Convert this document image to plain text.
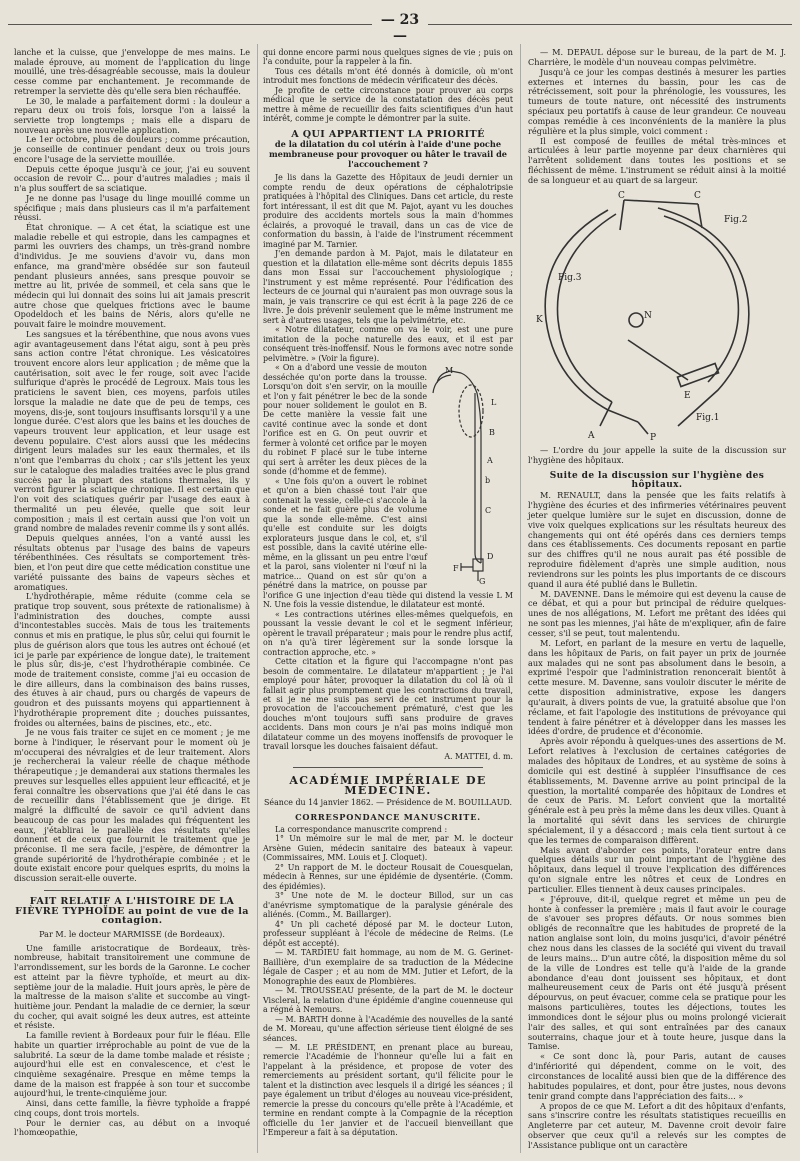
— 23 —

lanche et la cuisse, que j'enveloppe de mes mains. Le malade éprouve, au moment de l'application du linge mouillé, une très-désagréable secousse, mais la douleur cesse comme par enchantement. Je recommande de retremper la serviette dès qu'elle sera bien réchauffée.

Le 30, le malade a parfaitement dormi : la douleur a reparu deux ou trois fois, lorsque l'on a laissé la serviette trop longtemps ; mais elle a disparu de nouveau après une nouvelle application.

Le 1er octobre, plus de douleurs ; comme précaution, je conseille de continuer pendant deux ou trois jours encore l'usage de la serviette mouillée.

Depuis cette époque jusqu'à ce jour, j'ai eu souvent occasion de revoir C... pour d'autres maladies ; mais il n'a plus souffert de sa sciatique.

Je ne donne pas l'usage du linge mouillé comme un spécifique ; mais dans plusieurs cas il m'a parfaitement réussi.

État chronique. — A cet état, la sciatique est une maladie rebelle et qui estropie, dans les campagnes et parmi les ouvriers des champs, un très-grand nombre d'individus. Je me souviens d'avoir vu, dans mon enfance, ma grand'mère obsédée sur son fauteuil pendant plusieurs années, sans presque pouvoir se mettre au lit, privée de sommeil, et cela sans que le médecin qui lui donnait des soins lui ait jamais prescrit autre chose que quelques frictions avec le baume Opodeldoch et les bains de Néris, alors qu'elle ne pouvait faire le moindre mouvement.

Les sangsues et la térébenthine, que nous avons vues agir avantageusement dans l'état aigu, sont à peu près sans action contre l'état chronique. Les vésicatoires trouvent encore alors leur application ; de même que la cautérisation, soit avec le fer rouge, soit avec l'acide sulfurique d'après le procédé de Legroux. Mais tous les praticiens le savent bien, ces moyens, parfois utiles lorsque la maladie ne date que de peu de temps, ces moyens, dis-je, sont toujours insuffisants lorsqu'il y a une longue durée. C'est alors que les bains et les douches de vapeurs trouvent leur application, et leur usage est devenu populaire. C'est alors aussi que les médecins dirigent leurs malades sur les eaux thermales, et ils n'ont que l'embarras du choix ; car s'ils jettent les yeux sur le catalogue des maladies traitées avec le plus grand succès par la plupart des stations thermales, ils y verront figurer la sciatique chronique. Il est certain que l'on voit des sciatiques guérir par l'usage des eaux à thermalité un peu élevée, quelle que soit leur composition ; mais il est certain aussi que l'on voit un grand nombre de malades revenir comme ils y sont allés.

Depuis quelques années, l'on a vanté aussi les résultats obtenus par l'usage des bains de vapeurs térébenthinées. Ces résultats se comportement très-bien, et l'on peut dire que cette médication constitue une variété puissante des bains de vapeurs sèches et aromatiques.

L'hydrothérapie, même réduite (comme cela se pratique trop souvent, sous prétexte de rationalisme) à l'administration des douches, compte aussi d'incontestables succès. Mais de tous les traitements connus et mis en pratique, le plus sûr, celui qui fournit le plus de guérison alors que tous les autres ont échoué (et ici je parle par expérience de longue date), le traitement le plus sûr, dis-je, c'est l'hydrothérapie combinée. Ce mode de traitement consiste, comme j'ai eu occasion de le dire ailleurs, dans la combinaison des bains russes, des étuves à air chaud, purs ou chargés de vapeurs de goudron et des puissants moyens qui appartiennent à l'hydrothérapie proprement dite ; douches puissantes, froides ou alternées, bains de piscines, etc., etc.

Je ne vous fais traiter ce sujet en ce moment ; je me borne à l'indiquer, le réservant pour le moment où je m'occuperai des névralgies et de leur traitement. Alors je rechercherai la valeur réelle de chaque méthode thérapeutique ; je demanderai aux stations thermales les preuves sur lesquelles elles appuient leur efficacité, et je ferai connaître les observations que j'ai été dans le cas de recueillir dans l'établissement que je dirige. Et malgré la difficulté de savoir ce qu'il advient dans beaucoup de cas pour les malades qui fréquentent les eaux, j'établirai le parallèle des résultats qu'elles donnent et de ceux que fournit le traitement que je préconise. Il me sera facile, j'espère, de démontrer la grande supériorité de l'hydrothérapie combinée ; et le doute existait encore pour quelques esprits, du moins la discussion serait-elle ouverte.

FAIT RELATIF A L'HISTOIRE DE LA FIÈVRE TYPHOÏDE au point de vue de la contagion.

Par M. le docteur MARMISSE (de Bordeaux).

Une famille aristocratique de Bordeaux, très-nombreuse, habitait transitoirement une commune de l'arrondissement, sur les bords de la Garonne. Le cocher est atteint par la fièvre typhoïde, et meurt au dix-septième jour de la maladie. Huit jours après, le père de la maîtresse de la maison s'alite et succombe au vingt-huitième jour. Pendant la maladie de ce dernier, la sœur du cocher, qui avait soigné les deux autres, est atteinte et résiste.

La famille revient à Bordeaux pour fuir le fléau. Elle habite un quartier irréprochable au point de vue de la salubrité. La sœur de la dame tombe malade et résiste ; aujourd'hui elle est en convalescence, et c'est le cinquième sexagénaire. Presque en même temps la dame de la maison est frappée à son tour et succombe aujourd'hui, le trente-cinquième jour.

Ainsi, dans cette famille, la fièvre typhoïde a frappé cinq coups, dont trois mortels.

Pour le dernier cas, au début on a invoqué l'homœopathie,

qui donne encore parmi nous quelques signes de vie ; puis on l'a conduite, pour la rappeler à la fin.

Tous ces détails m'ont été donnés à domicile, où m'ont introduit mes fonctions de médecin vérificateur des décès.

Je profite de cette circonstance pour prouver au corps médical que le service de la constatation des décès peut mettre à même de recueillir des faits scientifiques d'un haut intérêt, comme je compte le démontrer par la suite.

A QUI APPARTIENT LA PRIORITÉ

de la dilatation du col utérin à l'aide d'une poche membraneuse pour provoquer ou hâter le travail de l'accouchement ?

Je lis dans la Gazette des Hôpitaux de jeudi dernier un compte rendu de deux opérations de céphalotripsie pratiquées à l'hôpital des Cliniques. Dans cet article, du reste fort intéressant, il est dit que M. Pajot, ayant vu les douches produire des accidents mortels sous la main d'hommes éclairés, a provoqué le travail, dans un cas de vice de conformation du bassin, à l'aide de l'instrument récemment imaginé par M. Tarnier.

J'en demande pardon à M. Pajot, mais le dilatateur en question et la dilatation elle-même sont décrits depuis 1855 dans mon Essai sur l'accouchement physiologique ; l'instrument y est même représenté. Pour l'édification des lecteurs de ce journal qui n'auraient pas mon ouvrage sous la main, je vais transcrire ce qui est écrit à la page 226 de ce livre. Je dois prévenir seulement que le même instrument me sert à d'autres usages, tels que la pelvimétrie, etc.

« Notre dilatateur, comme on va le voir, est une pure imitation de la poche naturelle des eaux, et il est par conséquent très-inoffensif. Nous le formons avec notre sonde pelvimètre. » (Voir la figure).

M
L
B
A
b
C
D
F
G

« On a d'abord une vessie de mouton desséchée qu'on porte dans la trousse. Lorsqu'on doit s'en servir, on la mouille et l'on y fait pénétrer le bec de la sonde pour nouer solidement le goulot en B. De cette manière la vessie fait une cavité continue avec la sonde et dont l'orifice est en G. On peut ouvrir et fermer à volonté cet orifice par le moyen du robinet F placé sur le tube interne qui sert à arrêter les deux pièces de la sonde (d'homme et de femme).

« Une fois qu'on a ouvert le robinet et qu'on a bien chassé tout l'air que contenait la vessie, celle-ci s'accole à la sonde et ne fait guère plus de volume que la sonde elle-même. C'est ainsi qu'elle est conduite sur les doigts explorateurs jusque dans le col, et, s'il est possible, dans la cavité utérine elle-même, en la glissant un peu entre l'œuf et la paroi, sans violenter ni l'œuf ni la matrice... Quand on est sûr qu'on a pénétré dans la matrice, on pousse par l'orifice G une injection d'eau tiède qui distend la vessie L M N. Une fois la vessie distendue, le dilatateur est monté.

« Les contractions utérines elles-mêmes quelquefois, en poussant la vessie devant le col et le segment inférieur, opèrent le travail préparateur ; mais pour le rendre plus actif, on n'a qu'à tirer légèrement sur la sonde lorsque la contraction approche, etc. »

Cette citation et la figure qui l'accompagne n'ont pas besoin de commentaire. Le dilatateur m'appartient ; je l'ai employé pour hâter, provoquer la dilatation du col là où il fallait agir plus promptement que les contractions du travail, et si je ne me suis pas servi de cet instrument pour la provocation de l'accouchement prématuré, c'est que les douches m'ont toujours suffi sans produire de graves accidents. Dans mon cours je n'ai pas moins indiqué mon dilatateur comme un des moyens inoffensifs de provoquer le travail lorsque les douches faisaient défaut.

A. MATTEI, d. m.

ACADÉMIE IMPÉRIALE DE MÉDECINE.

Séance du 14 janvier 1862. — Présidence de M. BOUILLAUD.

CORRESPONDANCE MANUSCRITE.

La correspondance manuscrite comprend :

1° Un mémoire sur le mal de mer, par M. le docteur Arsène Guien, médecin sanitaire des bateaux à vapeur. (Commissaires, MM. Louis et J. Cloquet).

2° Un rapport de M. le docteur Rousait de Couesquelan, médecin à Rennes, sur une épidémie de dysentérie. (Comm. des épidémies).

3° Une note de M. le docteur Billod, sur un cas d'anévrisme symptomatique de la paralysie générale des aliénés. (Comm., M. Baillarger).

4° Un pli cacheté déposé par M. le docteur Luton, professeur suppléant à l'école de médecine de Reims. (Le dépôt est accepté).

— M. TARDIEU fait hommage, au nom de M. G. Gerinet-Baillière, d'un exemplaire de sa traduction de la Médecine légale de Casper ; et au nom de MM. Jutier et Lefort, de la Monographie des eaux de Plombières.

— M. TROUSSEAU présente, de la part de M. le docteur Viscleral, la relation d'une épidémie d'angine couenneuse qui a régné à Nemours.

— M. BARTH donne à l'Académie des nouvelles de la santé de M. Moreau, qu'une affection sérieuse tient éloigné de ses séances.

— M. LE PRÉSIDENT, en prenant place au bureau, remercie l'Académie de l'honneur qu'elle lui a fait en l'appelant à la présidence, et propose de voter des remerciements au président sortant, qu'il félicite pour le talent et la distinction avec lesquels il a dirigé les séances ; il paye également un tribut d'éloges au nouveau vice-président, remercie la presse du concours qu'elle prête à l'Académie, et termine en rendant compte à la Compagnie de la réception officielle du 1er janvier et de l'accueil bienveillant que l'Empereur a fait à sa députation.

— M. DEPAUL dépose sur le bureau, de la part de M. J. Charrière, le modèle d'un nouveau compas pelvimètre.

Jusqu'à ce jour les compas destinés à mesurer les parties externes et internes du bassin, pour les cas de rétrécissement, soit pour la phrénologie, les voussures, les tumeurs de toute nature, ont nécessité des instruments spéciaux peu portatifs à cause de leur grandeur. Ce nouveau compas remédie à ces inconvénients de la manière la plus régulière et la plus simple, voici comment :

Il est composé de feuilles de métal très-minces et articulées à leur partie moyenne par deux charnières qui l'arrêtent solidement dans toutes les positions et se fléchissent de même. L'instrument se réduit ainsi à la moitié de sa longueur et au quart de sa largeur.

C	C
Fig.2
Fig.3
K	N
E
Fig.1
A	P

— L'ordre du jour appelle la suite de la discussion sur l'hygiène des hôpitaux.

Suite de la discussion sur l'hygiène des hôpitaux.

M. RENAULT, dans la pensée que les faits relatifs à l'hygiène des écuries et des infirmeries vétérinaires peuvent jeter quelque lumière sur le sujet en discussion, donne de vive voix quelques explications sur les résultats heureux des changements qui ont été opérés dans ces derniers temps dans ces établissements. Ces documents reposant en partie sur des chiffres qu'il ne nous aurait pas été possible de reproduire fidèlement d'après une simple audition, nous reviendrons sur les points les plus importants de ce discours quand il aura été publié dans le Bulletin.

M. DAVENNE. Dans le mémoire qui est devenu la cause de ce débat, et qui a pour but principal de réduire quelques-unes de nos allégations, M. Lefort me prêtant des idées qui ne sont pas les miennes, j'ai hâte de m'expliquer, afin de faire cesser, s'il se peut, tout malentendu.

M. Lefort, en parlant de la mesure en vertu de laquelle, dans les hôpitaux de Paris, on fait payer un prix de journée aux malades qui ne sont pas absolument dans le besoin, a exprimé l'espoir que l'administration renoncerait bientôt à cette mesure. M. Davenne, sans vouloir discuter le mérite de cette disposition administrative, expose les dangers qu'aurait, à divers points de vue, la gratuité absolue que l'on réclame, et fait l'apologie des institutions de prévoyance qui tendent à faire pénétrer et à développer dans les masses les idées d'ordre, de prudence et d'économie.

Après avoir répondu à quelques-unes des assertions de M. Lefort relatives à l'exclusion de certaines catégories de malades des hôpitaux de Londres, et au système de soins à domicile qui est destiné à suppléer l'insuffisance de ces établissements, M. Davenne arrive au point principal de la question, la mortalité comparée des hôpitaux de Londres et de ceux de Paris. M. Lefort convient que la mortalité générale est à peu près la même dans les deux villes. Quant à la mortalité qui sévit dans les services de chirurgie spécialement, il y a désaccord ; mais cela tient surtout à ce que les termes de comparaison diffèrent.

Mais avant d'aborder ces points, l'orateur entre dans quelques détails sur un point important de l'hygiène des hôpitaux, dans lequel il trouve l'explication des différences qu'on signale entre les nôtres et ceux de Londres en particulier. Elles tiennent à deux causes principales.

« J'éprouve, dit-il, quelque regret et même un peu de honte à confesser la première ; mais il faut avoir le courage de s'avouer ses propres défauts. Or nous sommes bien obligés de reconnaître que les habitudes de propreté de la nation anglaise sont loin, du moins jusqu'ici, d'avoir pénétré chez nous dans les classes de la société qui vivent du travail de leurs mains... D'un autre côté, la disposition même du sol de la ville de Londres est telle qu'à l'aide de la grande abondance d'eau dont jouissent ses hôpitaux, et dont malheureusement ceux de Paris ont été jusqu'à présent dépourvus, on peut évacuer, comme cela se pratique pour les maisons particulières, toutes les déjections, toutes les immondices dont le séjour plus ou moins prolongé vicierait l'air des salles, et qui sont entraînées par des canaux souterrains, chaque jour et à toute heure, jusque dans la Tamise.

« Ce sont donc là, pour Paris, autant de causes d'infériorité qui dépendent, comme on le voit, des circonstances de localité aussi bien que de la différence des habitudes populaires, et dont, pour être justes, nous devons tenir grand compte dans l'appréciation des faits... »

A propos de ce que M. Lefort a dit des hôpitaux d'enfants, sans s'inscrire contre les résultats statistiques recueillis en Angleterre par cet auteur, M. Davenne croit devoir faire observer que ceux qu'il a relevés sur les comptes de l'Assistance publique ont un caractère
